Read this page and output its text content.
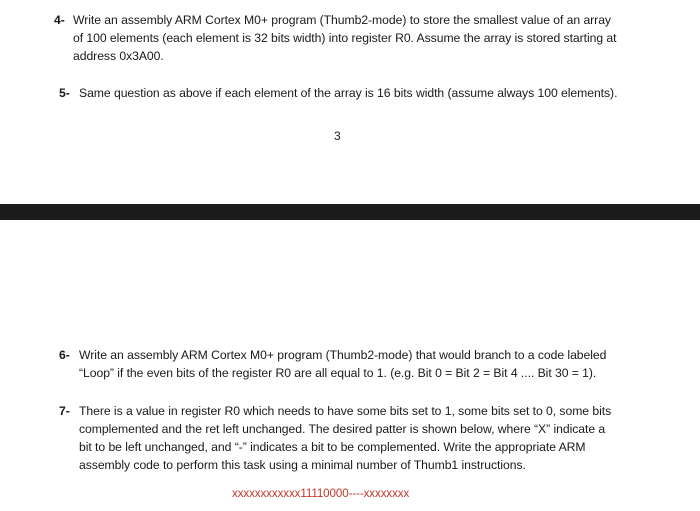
4- Write an assembly ARM Cortex M0+ program (Thumb2-mode) to store the smallest value of an array
of 100 elements (each element is 32 bits width) into register R0. Assume the array is stored starting at
address 0x3A00.
5- Same question as above if each element of the array is 16 bits width (assume always 100 elements).
3
6- Write an assembly ARM Cortex M0+ program (Thumb2-mode) that would branch to a code labeled
“Loop” if the even bits of the register R0 are all equal to 1. (e.g. Bit 0 = Bit 2 = Bit 4 .... Bit 30 = 1).
7- There is a value in register R0 which needs to have some bits set to 1, some bits set to 0, some bits
complemented and the ret left unchanged. The desired patter is shown below, where “X” indicate a
bit to be left unchanged, and “-” indicates a bit to be complemented. Write the appropriate ARM
assembly code to perform this task using a minimal number of Thumb1 instructions.
xxxxxxxxxxxx11110000----xxxxxxxx
